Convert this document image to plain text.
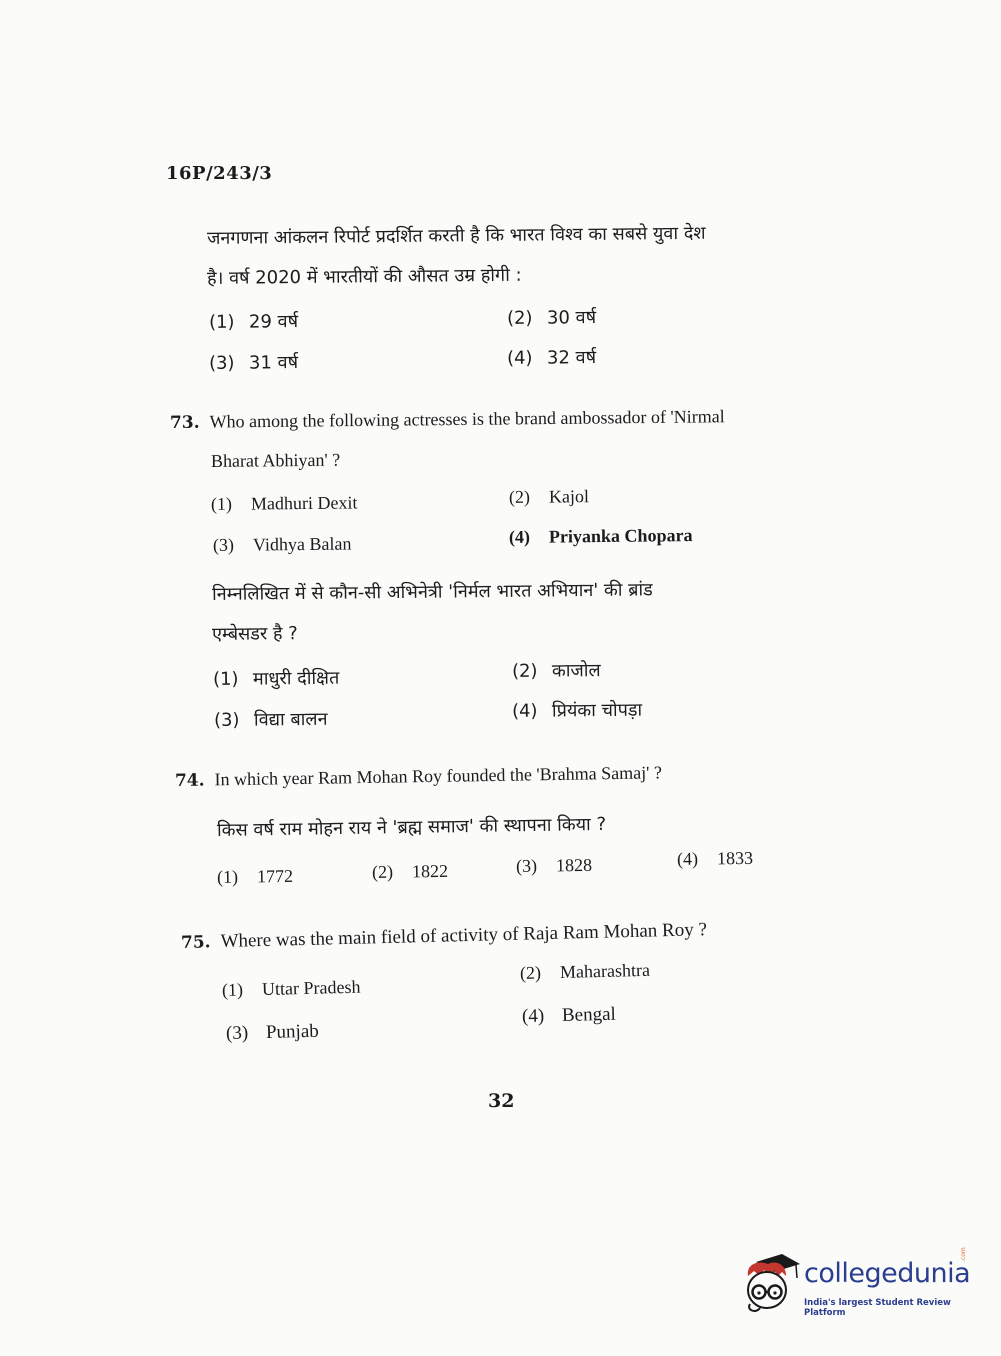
16P/243/3
जनगणना आंकलन रिपोर्ट प्रदर्शित करती है कि भारत विश्व का सबसे युवा देश
है। वर्ष 2020 में भारतीयों की औसत उम्र होगी :
(1) 29 वर्ष	(2) 30 वर्ष
(3) 31 वर्ष	(4) 32 वर्ष
73. Who among the following actresses is the brand ambossador of 'Nirmal
Bharat Abhiyan' ?
(1) Madhuri Dexit	(2) Kajol
(3) Vidhya Balan	(4) Priyanka Chopara
निम्नलिखित में से कौन-सी अभिनेत्री 'निर्मल भारत अभियान' की ब्रांड
एम्बेसडर है ?
(1) माधुरी दीक्षित	(2) काजोल
(3) विद्या बालन	(4) प्रियंका चोपड़ा
74. In which year Ram Mohan Roy founded the 'Brahma Samaj' ?
किस वर्ष राम मोहन राय ने 'ब्रह्म समाज' की स्थापना किया ?
(1) 1772	(2) 1822	(3) 1828	(4) 1833
75. Where was the main field of activity of Raja Ram Mohan Roy ?
(1) Uttar Pradesh
(2) Maharashtra
(3) Punjab
(4) Bengal
32
collegedunia
.com
India's largest Student Review Platform
